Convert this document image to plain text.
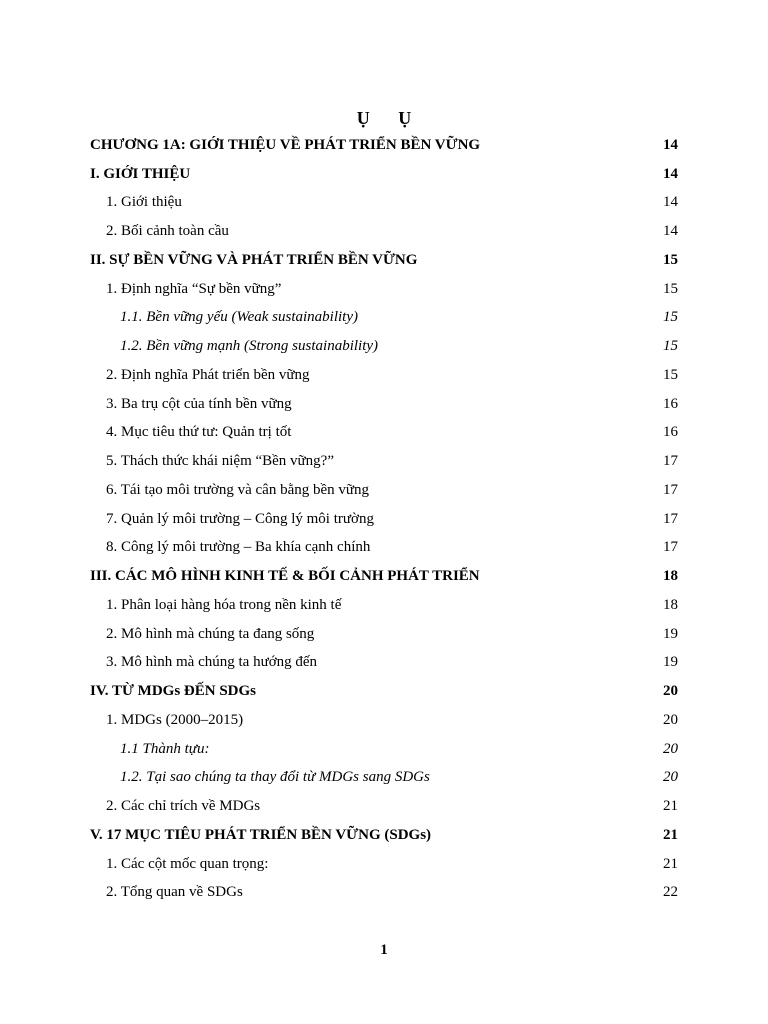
Ụ Ụ
CHƯƠNG 1A: GIỚI THIỆU VỀ PHÁT TRIỂN BỀN VỮNG	14
I. GIỚI THIỆU	14
1. Giới thiệu	14
2. Bối cảnh toàn cầu	14
II. SỰ BỀN VỮNG VÀ PHÁT TRIỂN BỀN VỮNG	15
1. Định nghĩa “Sự bền vững”	15
1.1. Bền vững yếu (Weak sustainability)	15
1.2. Bền vững mạnh (Strong sustainability)	15
2. Định nghĩa Phát triển bền vững	15
3. Ba trụ cột của tính bền vững	16
4. Mục tiêu thứ tư: Quản trị tốt	16
5. Thách thức khái niệm “Bền vững?”	17
6. Tái tạo môi trường và cân bằng bền vững	17
7. Quản lý môi trường – Công lý môi trường	17
8. Công lý môi trường – Ba khía cạnh chính	17
III. CÁC MÔ HÌNH KINH TẾ & BỐI CẢNH PHÁT TRIỂN	18
1. Phân loại hàng hóa trong nền kinh tế	18
2. Mô hình mà chúng ta đang sống	19
3. Mô hình mà chúng ta hướng đến	19
IV. TỪ MDGs ĐẾN SDGs	20
1. MDGs (2000–2015)	20
1.1 Thành tựu:	20
1.2. Tại sao chúng ta thay đổi từ MDGs sang SDGs	20
2. Các chỉ trích về MDGs	21
V. 17 MỤC TIÊU PHÁT TRIỂN BỀN VỮNG (SDGs)	21
1. Các cột mốc quan trọng:	21
2. Tổng quan về SDGs	22
1
